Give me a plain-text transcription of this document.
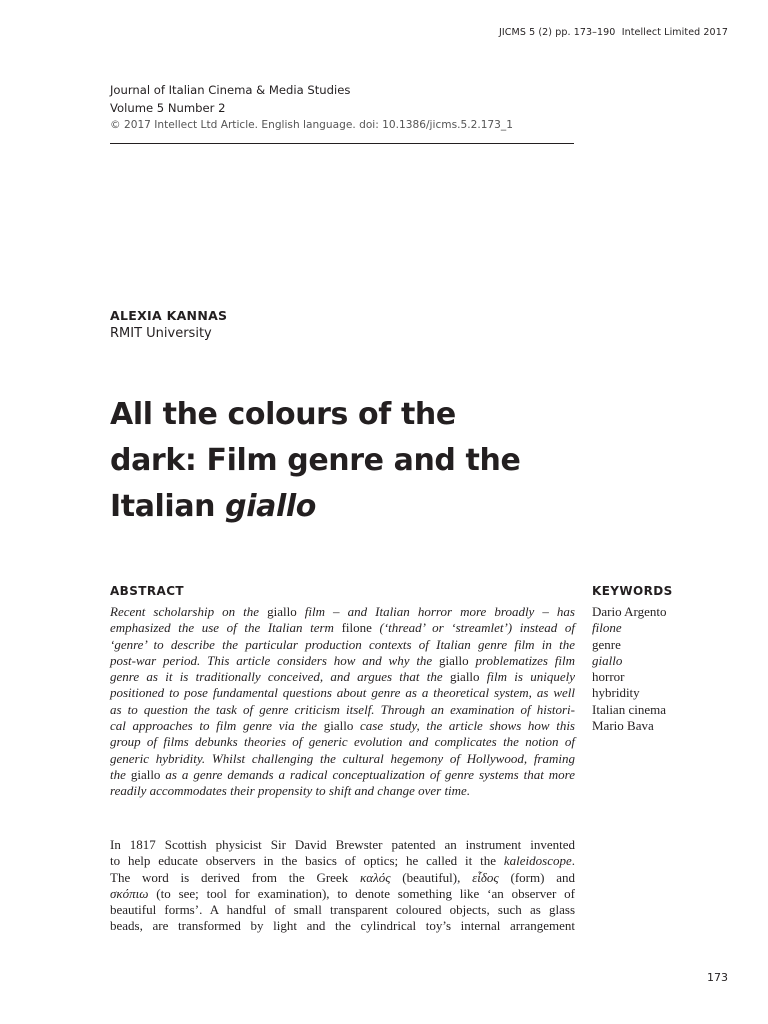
JICMS 5 (2) pp. 173–190 Intellect Limited 2017
Journal of Italian Cinema & Media Studies
Volume 5 Number 2
© 2017 Intellect Ltd Article. English language. doi: 10.1386/jicms.5.2.173_1
ALEXIA KANNAS
RMIT University
All the colours of the
dark: Film genre and the
Italian giallo
ABSTRACT
Recent scholarship on the giallo film – and Italian horror more broadly – has
emphasized the use of the Italian term filone (‘thread’ or ‘streamlet’) instead of
‘genre’ to describe the particular production contexts of Italian genre film in the
post-war period. This article considers how and why the giallo problematizes film
genre as it is traditionally conceived, and argues that the giallo film is uniquely
positioned to pose fundamental questions about genre as a theoretical system, as well
as to question the task of genre criticism itself. Through an examination of histori-
cal approaches to film genre via the giallo case study, the article shows how this
group of films debunks theories of generic evolution and complicates the notion of
generic hybridity. Whilst challenging the cultural hegemony of Hollywood, framing
the giallo as a genre demands a radical conceptualization of genre systems that more
readily accommodates their propensity to shift and change over time.
KEYWORDS
Dario Argento
filone
genre
giallo
horror
hybridity
Italian cinema
Mario Bava
In 1817 Scottish physicist Sir David Brewster patented an instrument invented
to help educate observers in the basics of optics; he called it the kaleidoscope.
The word is derived from the Greek καλός (beautiful), εἶδος (form) and
σκόπιω (to see; tool for examination), to denote something like ‘an observer of
beautiful forms’. A handful of small transparent coloured objects, such as glass
beads, are transformed by light and the cylindrical toy’s internal arrangement
173
